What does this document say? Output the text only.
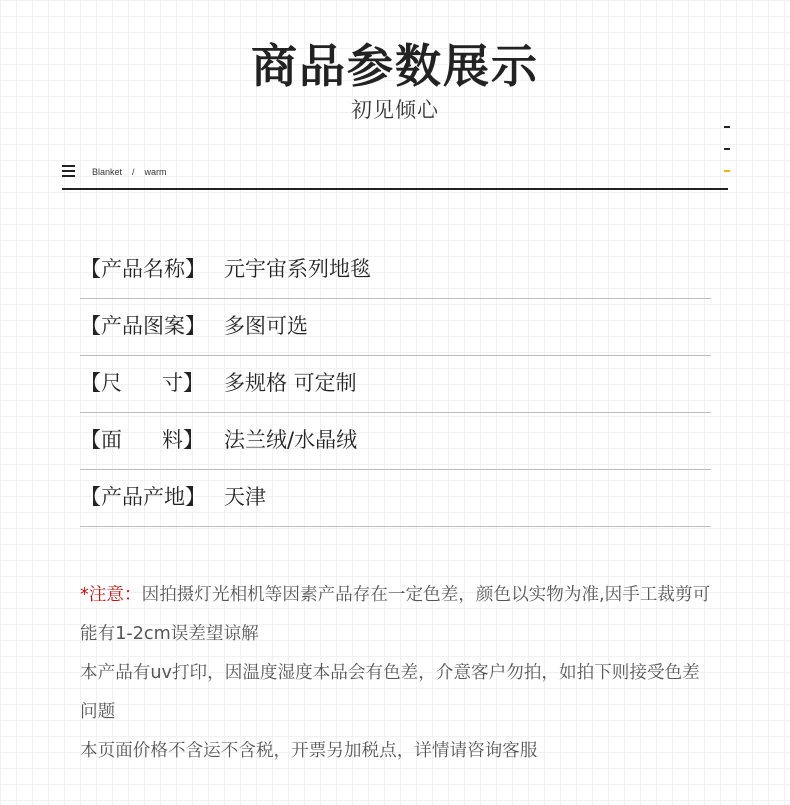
商品参数展示
初见倾心
Blanket / warm
【产品名称】 元宇宙系列地毯
【产品图案】 多图可选
【尺      寸】 多规格 可定制
【面      料】 法兰绒/水晶绒
【产品产地】 天津

*注意：因拍摄灯光相机等因素产品存在一定色差，颜色以实物为准,因手工裁剪可能有1-2cm误差望谅解

本产品有uv打印，因温度湿度本品会有色差，介意客户勿拍，如拍下则接受色差问题

本页面价格不含运不含税，开票另加税点，详情请咨询客服
